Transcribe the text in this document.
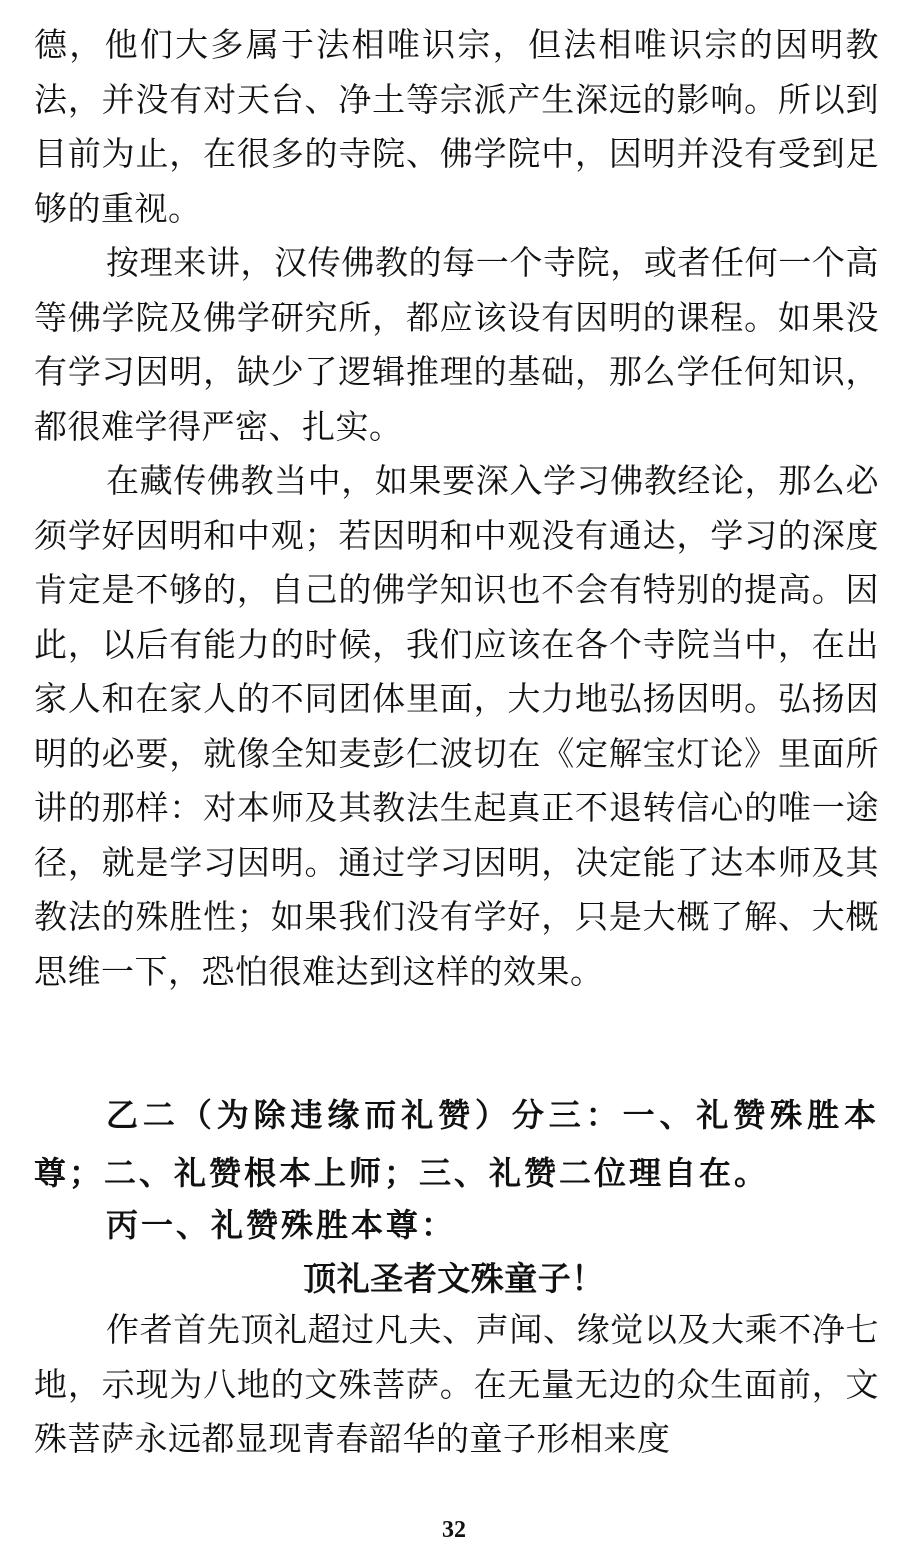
德，他们大多属于法相唯识宗，但法相唯识宗的因明教法，并没有对天台、净土等宗派产生深远的影响。所以到目前为止，在很多的寺院、佛学院中，因明并没有受到足够的重视。

按理来讲，汉传佛教的每一个寺院，或者任何一个高等佛学院及佛学研究所，都应该设有因明的课程。如果没有学习因明，缺少了逻辑推理的基础，那么学任何知识，都很难学得严密、扎实。

在藏传佛教当中，如果要深入学习佛教经论，那么必须学好因明和中观；若因明和中观没有通达，学习的深度肯定是不够的，自己的佛学知识也不会有特别的提高。因此，以后有能力的时候，我们应该在各个寺院当中，在出家人和在家人的不同团体里面，大力地弘扬因明。弘扬因明的必要，就像全知麦彭仁波切在《定解宝灯论》里面所讲的那样：对本师及其教法生起真正不退转信心的唯一途径，就是学习因明。通过学习因明，决定能了达本师及其教法的殊胜性；如果我们没有学好，只是大概了解、大概思维一下，恐怕很难达到这样的效果。

乙二（为除违缘而礼赞）分三：一、礼赞殊胜本尊；二、礼赞根本上师；三、礼赞二位理自在。

丙一、礼赞殊胜本尊：

顶礼圣者文殊童子！

作者首先顶礼超过凡夫、声闻、缘觉以及大乘不净七地，示现为八地的文殊菩萨。在无量无边的众生面前，文殊菩萨永远都显现青春韶华的童子形相来度

32
